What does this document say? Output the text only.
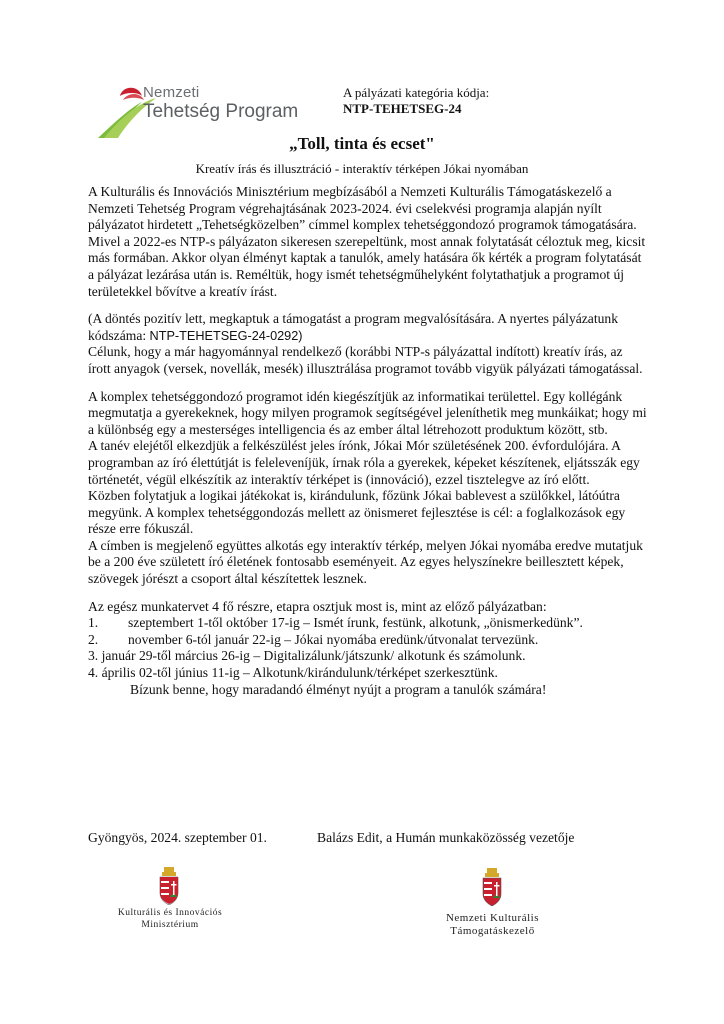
Nemzeti
Tehetség Program
A pályázati kategória kódja:
NTP-TEHETSEG-24
„Toll, tinta és ecset"
Kreatív írás és illusztráció - interaktív térképen Jókai nyomában

A Kulturális és Innovációs Minisztérium megbízásából a Nemzeti Kulturális Támogatáskezelő a Nemzeti Tehetség Program végrehajtásának 2023-2024. évi cselekvési programja alapján nyílt pályázatot hirdetett „Tehetségközelben” címmel komplex tehetséggondozó programok támogatására.

Mivel a 2022-es NTP-s pályázaton sikeresen szerepeltünk, most annak folytatását céloztuk meg, kicsit más formában. Akkor olyan élményt kaptak a tanulók, amely hatására ők kérték a program folytatását a pályázat lezárása után is. Reméltük, hogy ismét tehetségműhelyként folytathatjuk a programot új területekkel bővítve a kreatív írást.

(A döntés pozitív lett, megkaptuk a támogatást a program megvalósítására. A nyertes pályázatunk kódszáma: NTP-TEHETSEG-24-0292)

Célunk, hogy a már hagyománnyal rendelkező (korábbi NTP-s pályázattal indított) kreatív írás, az írott anyagok (versek, novellák, mesék) illusztrálása programot tovább vigyük pályázati támogatással.

A komplex tehetséggondozó programot idén kiegészítjük az informatikai területtel. Egy kollégánk megmutatja a gyerekeknek, hogy milyen programok segítségével jeleníthetik meg munkáikat; hogy mi a különbség egy a mesterséges intelligencia és az ember által létrehozott produktum között, stb.

A tanév elejétől elkezdjük a felkészülést jeles írónk, Jókai Mór születésének 200. évfordulójára. A programban az író élettútját is feleleveníjük, írnak róla a gyerekek, képeket készítenek, eljátsszák egy történetét, végül elkészítik az interaktív térképet is (innováció), ezzel tisztelegve az író előtt.

Közben folytatjuk a logikai játékokat is, kirándulunk, főzünk Jókai bablevest a szülőkkel, látóútra megyünk. A komplex tehetséggondozás mellett az önismeret fejlesztése is cél: a foglalkozások egy része erre fókuszál.

A címben is megjelenő együttes alkotás egy interaktív térkép, melyen Jókai nyomába eredve mutatjuk be a 200 éve született író életének fontosabb eseményeit. Az egyes helyszínekre beillesztett képek, szövegek jórészt a csoport által készítettek lesznek.

Az egész munkatervet 4 fő részre, etapra osztjuk most is, mint az előző pályázatban:

1. szeptembert 1-től október 17-ig – Ismét írunk, festünk, alkotunk, „önismerkedünk”.

2. november 6-tól január 22-ig – Jókai nyomába eredünk/útvonalat tervezünk.

3. január 29-től március 26-ig – Digitalizálunk/játszunk/ alkotunk és számolunk.

4. április 02-től június 11-ig – Alkotunk/kirándulunk/térképet szerkesztünk.

Bízunk benne, hogy maradandó élményt nyújt a program a tanulók számára!

Gyöngyös, 2024. szeptember 01.	Balázs Edit, a Humán munkaközösség vezetője
Kulturális és Innovációs
Minisztérium
Nemzeti Kulturális
Támogatáskezelő
